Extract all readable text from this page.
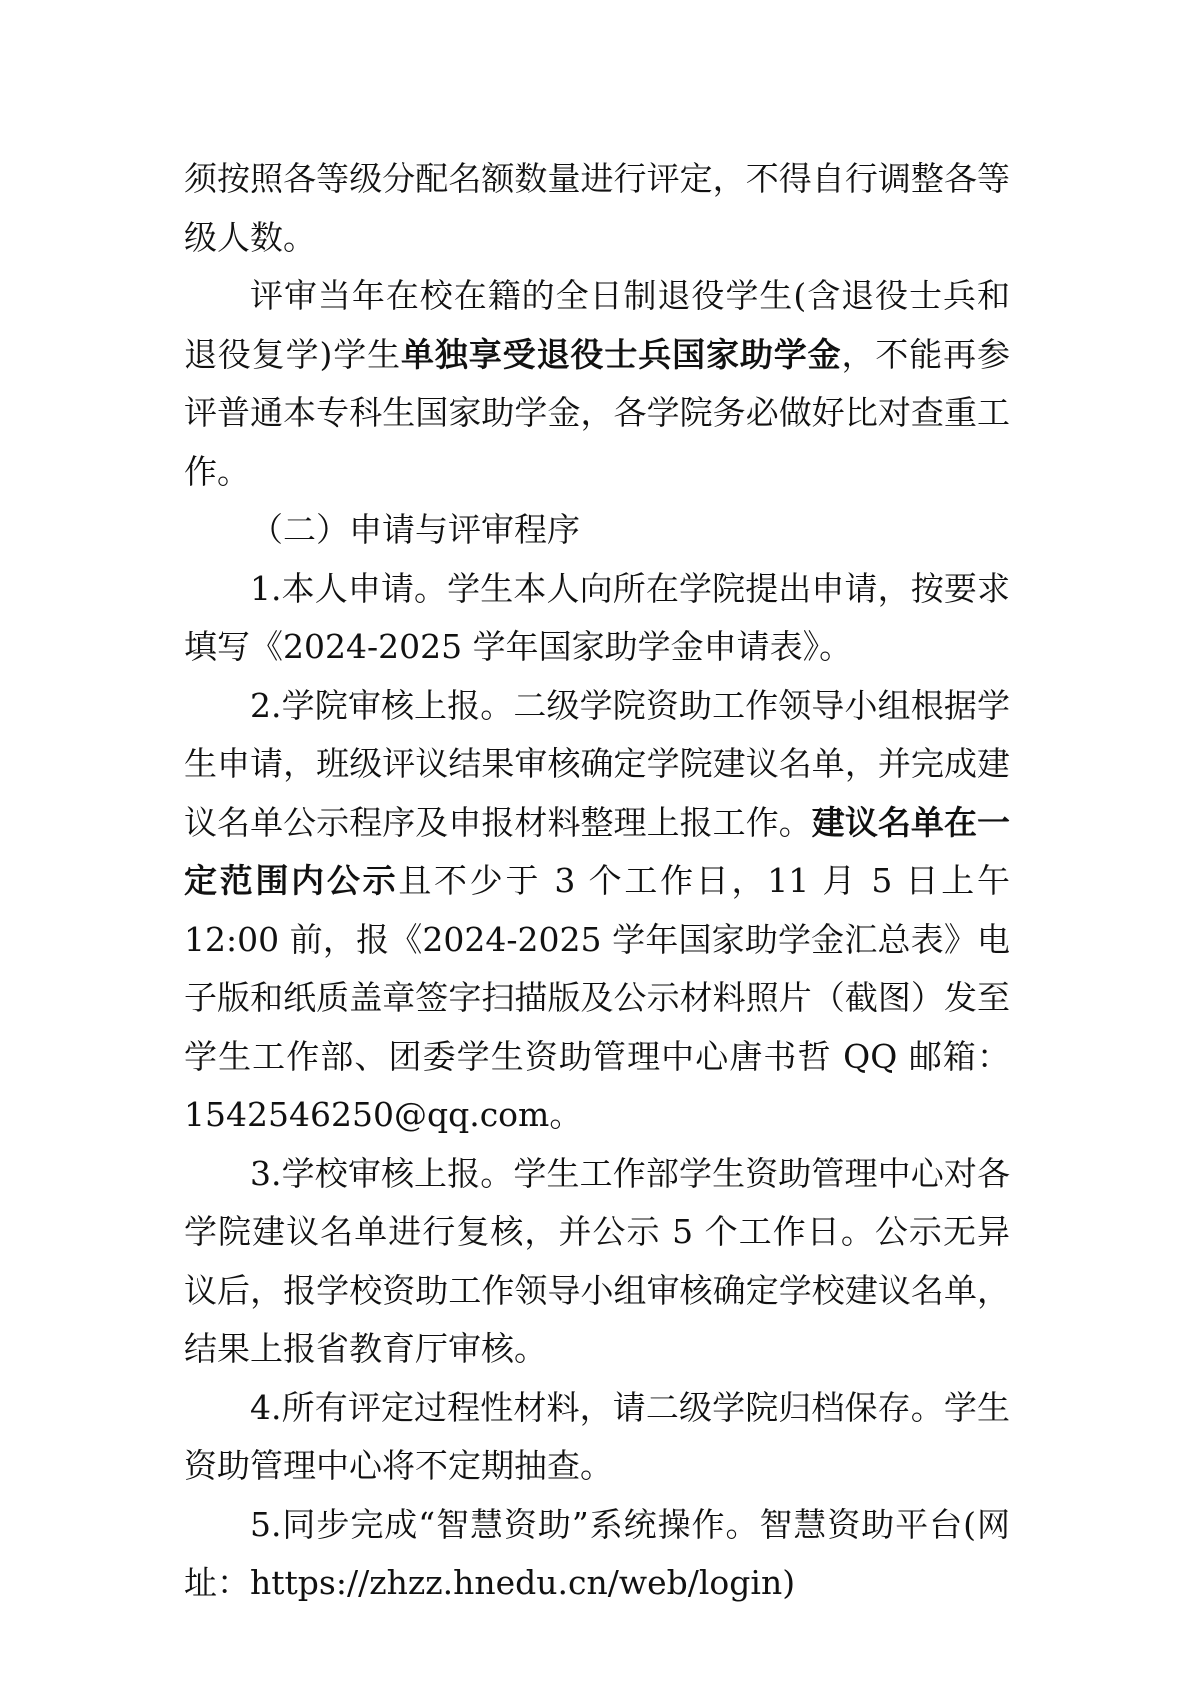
须按照各等级分配名额数量进行评定，不得自行调整各等级人数。

评审当年在校在籍的全日制退役学生(含退役士兵和退役复学)学生单独享受退役士兵国家助学金，不能再参评普通本专科生国家助学金，各学院务必做好比对查重工作。

（二）申请与评审程序

1.本人申请。学生本人向所在学院提出申请，按要求填写《2024-2025 学年国家助学金申请表》。

2.学院审核上报。二级学院资助工作领导小组根据学生申请，班级评议结果审核确定学院建议名单，并完成建议名单公示程序及申报材料整理上报工作。建议名单在一定范围内公示且不少于 3 个工作日，11 月 5 日上午 12:00 前，报《2024-2025 学年国家助学金汇总表》电子版和纸质盖章签字扫描版及公示材料照片（截图）发至学生工作部、团委学生资助管理中心唐书哲 QQ 邮箱：1542546250@qq.com。

3.学校审核上报。学生工作部学生资助管理中心对各学院建议名单进行复核，并公示 5 个工作日。公示无异议后，报学校资助工作领导小组审核确定学校建议名单，结果上报省教育厅审核。

4.所有评定过程性材料，请二级学院归档保存。学生资助管理中心将不定期抽查。

5.同步完成“智慧资助”系统操作。智慧资助平台(网址：https://zhzz.hnedu.cn/web/login)
